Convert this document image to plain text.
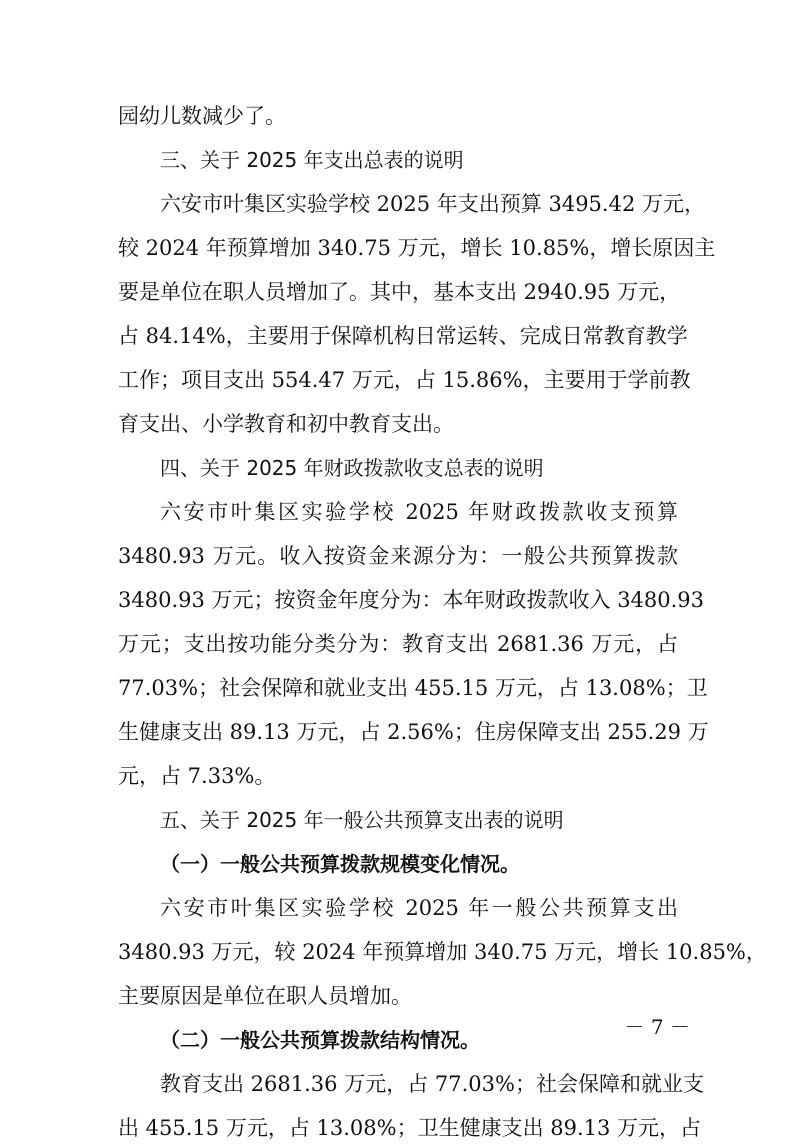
园幼儿数减少了。
三、关于 2025 年支出总表的说明
六安市叶集区实验学校 2025 年支出预算 3495.42 万元，
较 2024 年预算增加 340.75 万元，增长 10.85%，增长原因主
要是单位在职人员增加了。其中，基本支出 2940.95 万元，
占 84.14%，主要用于保障机构日常运转、完成日常教育教学
工作；项目支出 554.47 万元，占 15.86%，主要用于学前教
育支出、小学教育和初中教育支出。
四、关于 2025 年财政拨款收支总表的说明
六安市叶集区实验学校 2025 年财政拨款收支预算
3480.93 万元。收入按资金来源分为：一般公共预算拨款
3480.93 万元；按资金年度分为：本年财政拨款收入 3480.93
万元；支出按功能分类分为：教育支出 2681.36 万元，占
77.03%；社会保障和就业支出 455.15 万元，占 13.08%；卫
生健康支出 89.13 万元，占 2.56%；住房保障支出 255.29 万
元，占 7.33%。
五、关于 2025 年一般公共预算支出表的说明
（一）一般公共预算拨款规模变化情况。
六安市叶集区实验学校 2025 年一般公共预算支出
3480.93 万元，较 2024 年预算增加 340.75 万元，增长 10.85%，
主要原因是单位在职人员增加。
（二）一般公共预算拨款结构情况。
教育支出 2681.36 万元，占 77.03%；社会保障和就业支
出 455.15 万元，占 13.08%；卫生健康支出 89.13 万元，占
－ 7 －
